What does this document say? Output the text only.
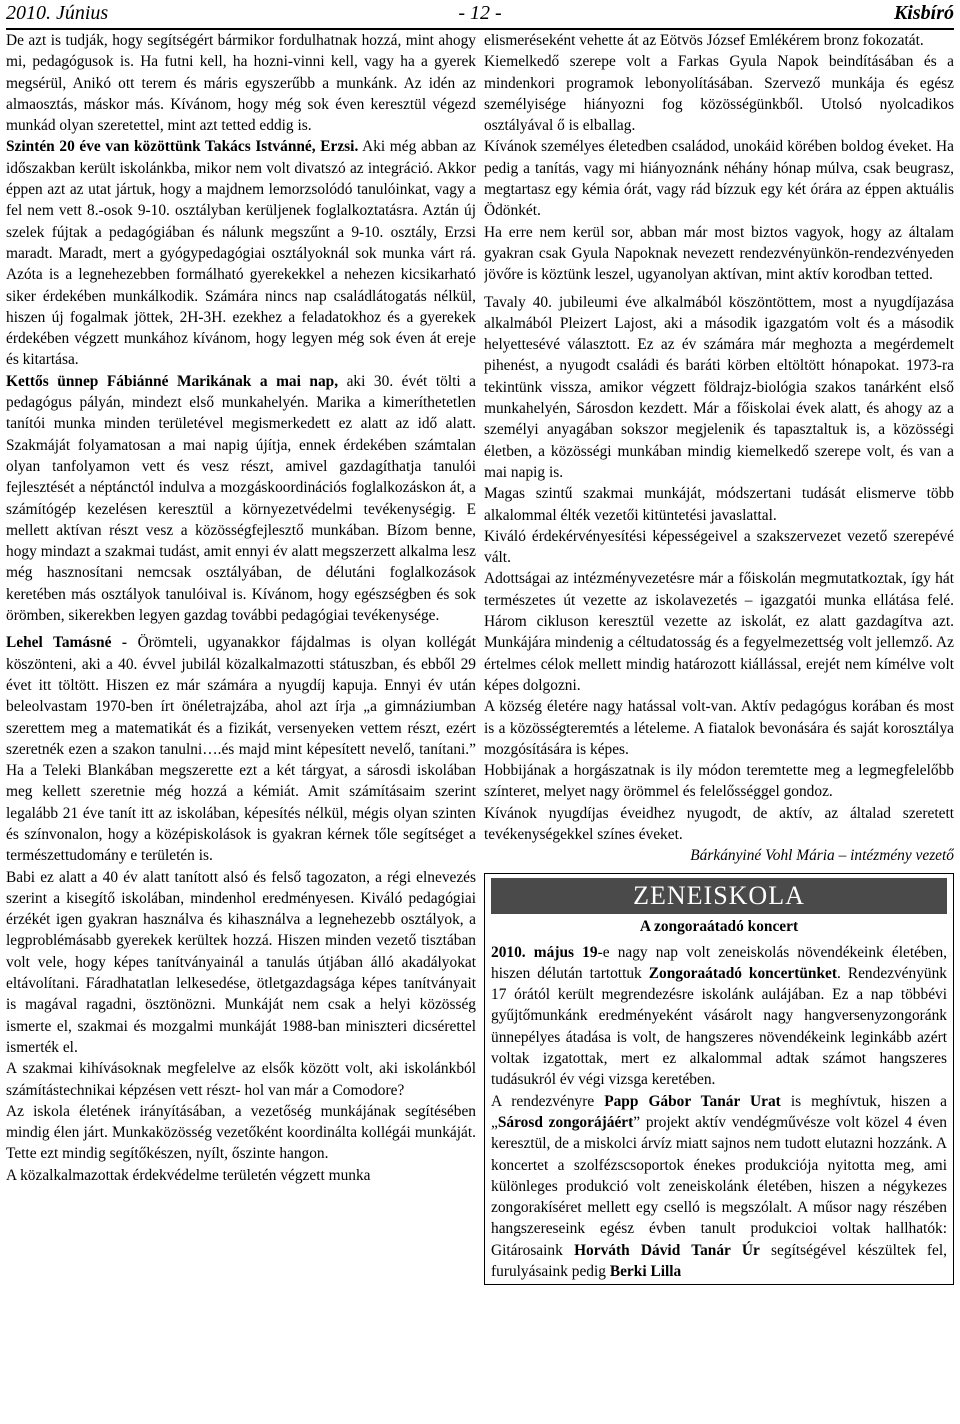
2010. Június	- 12 -	Kisbíró

De azt is tudják, hogy segítségért bármikor fordulhatnak hozzá, mint ahogy mi, pedagógusok is. Ha futni kell, ha hozni-vinni kell, vagy ha a gyerek megsérül, Anikó ott terem és máris egyszerűbb a munkánk. Az idén az almaosztás, máskor más. Kívánom, hogy még sok éven keresztül végezd munkád olyan szeretettel, mint azt tetted eddig is.

Szintén 20 éve van közöttünk Takács Istvánné, Erzsi. Aki még abban az időszakban került iskolánkba, mikor nem volt divatszó az integráció. Akkor éppen azt az utat jártuk, hogy a majdnem lemorzsolódó tanulóinkat, vagy a fel nem vett 8.-osok 9-10. osztályban kerüljenek foglalkoztatásra. Aztán új szelek fújtak a pedagógiában és nálunk megszűnt a 9-10. osztály, Erzsi maradt. Maradt, mert a gyógypedagógiai osztályoknál sok munka várt rá. Azóta is a legnehezebben formálható gyerekekkel a nehezen kicsikarható siker érdekében munkálkodik. Számára nincs nap családlátogatás nélkül, hiszen új fogalmak jöttek, 2H-3H. ezekhez a feladatokhoz és a gyerekek érdekében végzett munkához kívánom, hogy legyen még sok éven át ereje és kitartása.

Kettős ünnep Fábiánné Marikának a mai nap, aki 30. évét tölti a pedagógus pályán, mindezt első munkahelyén. Marika a kimeríthetetlen tanítói munka minden területével megismerkedett ez alatt az idő alatt. Szakmáját folyamatosan a mai napig újítja, ennek érdekében számtalan olyan tanfolyamon vett és vesz részt, amivel gazdagíthatja tanulói fejlesztését a néptánctól indulva a mozgáskoordinációs foglalkozáskon át, a számítógép kezelésen keresztül a környezetvédelmi tevékenységig. E mellett aktívan részt vesz a közösségfejlesztő munkában. Bízom benne, hogy mindazt a szakmai tudást, amit ennyi év alatt megszerzett alkalma lesz még hasznosítani nemcsak osztályában, de délutáni foglalkozások keretében más osztályok tanulóival is. Kívánom, hogy egészségben és sok örömben, sikerekben legyen gazdag további pedagógiai tevékenysége.

Lehel Tamásné - Örömteli, ugyanakkor fájdalmas is olyan kollégát köszönteni, aki a 40. évvel jubilál közalkalmazotti státuszban, és ebből 29 évet itt töltött. Hiszen ez már számára a nyugdíj kapuja. Ennyi év után beleolvastam 1970-ben írt önéletrajzába, ahol azt írja „a gimnáziumban szerettem meg a matematikát és a fizikát, versenyeken vettem részt, ezért szeretnék ezen a szakon tanulni….és majd mint képesített nevelő, tanítani.” Ha a Teleki Blankában megszerette ezt a két tárgyat, a sárosdi iskolában meg kellett szeretnie még hozzá a kémiát. Amit számításaim szerint legalább 21 éve tanít itt az iskolában, képesítés nélkül, mégis olyan szinten és színvonalon, hogy a középiskolások is gyakran kérnek tőle segítséget a természettudomány e területén is.

Babi ez alatt a 40 év alatt tanított alsó és felső tagozaton, a régi elnevezés szerint a kisegítő iskolában, mindenhol eredményesen. Kiváló pedagógiai érzékét igen gyakran használva és kihasználva a legnehezebb osztályok, a legproblémásabb gyerekek kerültek hozzá. Hiszen minden vezető tisztában volt vele, hogy képes tanítványainál a tanulás útjában álló akadályokat eltávolítani. Fáradhatatlan lelkesedése, ötletgazdagsága képes tanítványait is magával ragadni, ösztönözni. Munkáját nem csak a helyi közösség ismerte el, szakmai és mozgalmi munkáját 1988-ban miniszteri dicsérettel ismerték el.

A szakmai kihívásoknak megfelelve az elsők között volt, aki iskolánkból számítástechnikai képzésen vett részt- hol van már a Comodore?

Az iskola életének irányításában, a vezetőség munkájának segítésében mindig élen járt. Munkaközösség vezetőként koordinálta kollégái munkáját. Tette ezt mindig segítőkészen, nyílt, őszinte hangon.

A közalkalmazottak érdekvédelme területén végzett munka

elismeréseként vehette át az Eötvös József Emlékérem bronz fokozatát.

Kiemelkedő szerepe volt a Farkas Gyula Napok beindításában és a mindenkori programok lebonyolításában. Szervező munkája és egész személyisége hiányozni fog közösségünkből. Utolsó nyolcadikos osztályával ő is elballag.

Kívánok személyes életedben családod, unokáid körében boldog éveket. Ha pedig a tanítás, vagy mi hiányoznánk néhány hónap múlva, csak beugrasz, megtartasz egy kémia órát, vagy rád bízzuk egy két órára az éppen aktuális Ödönkét.

Ha erre nem kerül sor, abban már most biztos vagyok, hogy az általam gyakran csak Gyula Napoknak nevezett rendezvényünkön-rendezvényeden jövőre is köztünk leszel, ugyanolyan aktívan, mint aktív korodban tetted.

Tavaly 40. jubileumi éve alkalmából köszöntöttem, most a nyugdíjazása alkalmából Pleizert Lajost, aki a második igazgatóm volt és a második helyettesévé választott. Ez az év számára már meghozta a megérdemelt pihenést, a nyugodt családi és baráti körben eltöltött hónapokat. 1973-ra tekintünk vissza, amikor végzett földrajz-biológia szakos tanárként első munkahelyén, Sárosdon kezdett. Már a főiskolai évek alatt, és ahogy az a személyi anyagában sokszor megjelenik és tapasztaltuk is, a közösségi életben, a közösségi munkában mindig kiemelkedő szerepe volt, és van a mai napig is.

Magas szintű szakmai munkáját, módszertani tudását elismerve több alkalommal élték vezetői kitüntetési javaslattal.

Kiváló érdekérvényesítési képességeivel a szakszervezet vezető szerepévé vált.

Adottságai az intézményvezetésre már a főiskolán megmutatkoztak, így hát természetes út vezette az iskolavezetés – igazgatói munka ellátása felé. Három cikluson keresztül vezette az iskolát, ez alatt gazdagítva azt. Munkájára mindenig a céltudatosság és a fegyelmezettség volt jellemző. Az értelmes célok mellett mindig határozott kiállással, erejét nem kímélve volt képes dolgozni.

A község életére nagy hatással volt-van. Aktív pedagógus korában és most is a közösségteremtés a lételeme. A fiatalok bevonására és saját korosztálya mozgósítására is képes.

Hobbijának a horgászatnak is ily módon teremtette meg a legmegfelelőbb színteret, melyet nagy örömmel és felelősséggel gondoz.

Kívánok nyugdíjas éveidhez nyugodt, de aktív, az általad szeretett tevékenységekkel színes éveket.

Bárkányiné Vohl Mária – intézmény vezető

ZENEISKOLA
A zongoraátadó koncert

2010. május 19-e nagy nap volt zeneiskolás növendékeink életében, hiszen délután tartottuk Zongoraátadó koncertünket. Rendezvényünk 17 órától került megrendezésre iskolánk aulájában. Ez a nap többévi gyűjtőmunkánk eredményeként vásárolt nagy hangversenyzongoránk ünnepélyes átadása is volt, de hangszeres növendékeink leginkább azért voltak izgatottak, mert ez alkalommal adtak számot hangszeres tudásukról év végi vizsga keretében.

A rendezvényre Papp Gábor Tanár Urat is meghívtuk, hiszen a „Sárosd zongorájáért” projekt aktív vendégművésze volt közel 4 éven keresztül, de a miskolci árvíz miatt sajnos nem tudott elutazni hozzánk. A koncertet a szolfézscsoportok énekes produkciója nyitotta meg, ami különleges produkció volt zeneiskolánk életében, hiszen a négykezes zongorakíséret mellett egy cselló is megszólalt. A műsor nagy részében hangszereseink egész évben tanult produkcioi voltak hallhatók: Gitárosaink Horváth Dávid Tanár Úr segítségével készültek fel, furulyásaink pedig Berki Lilla
